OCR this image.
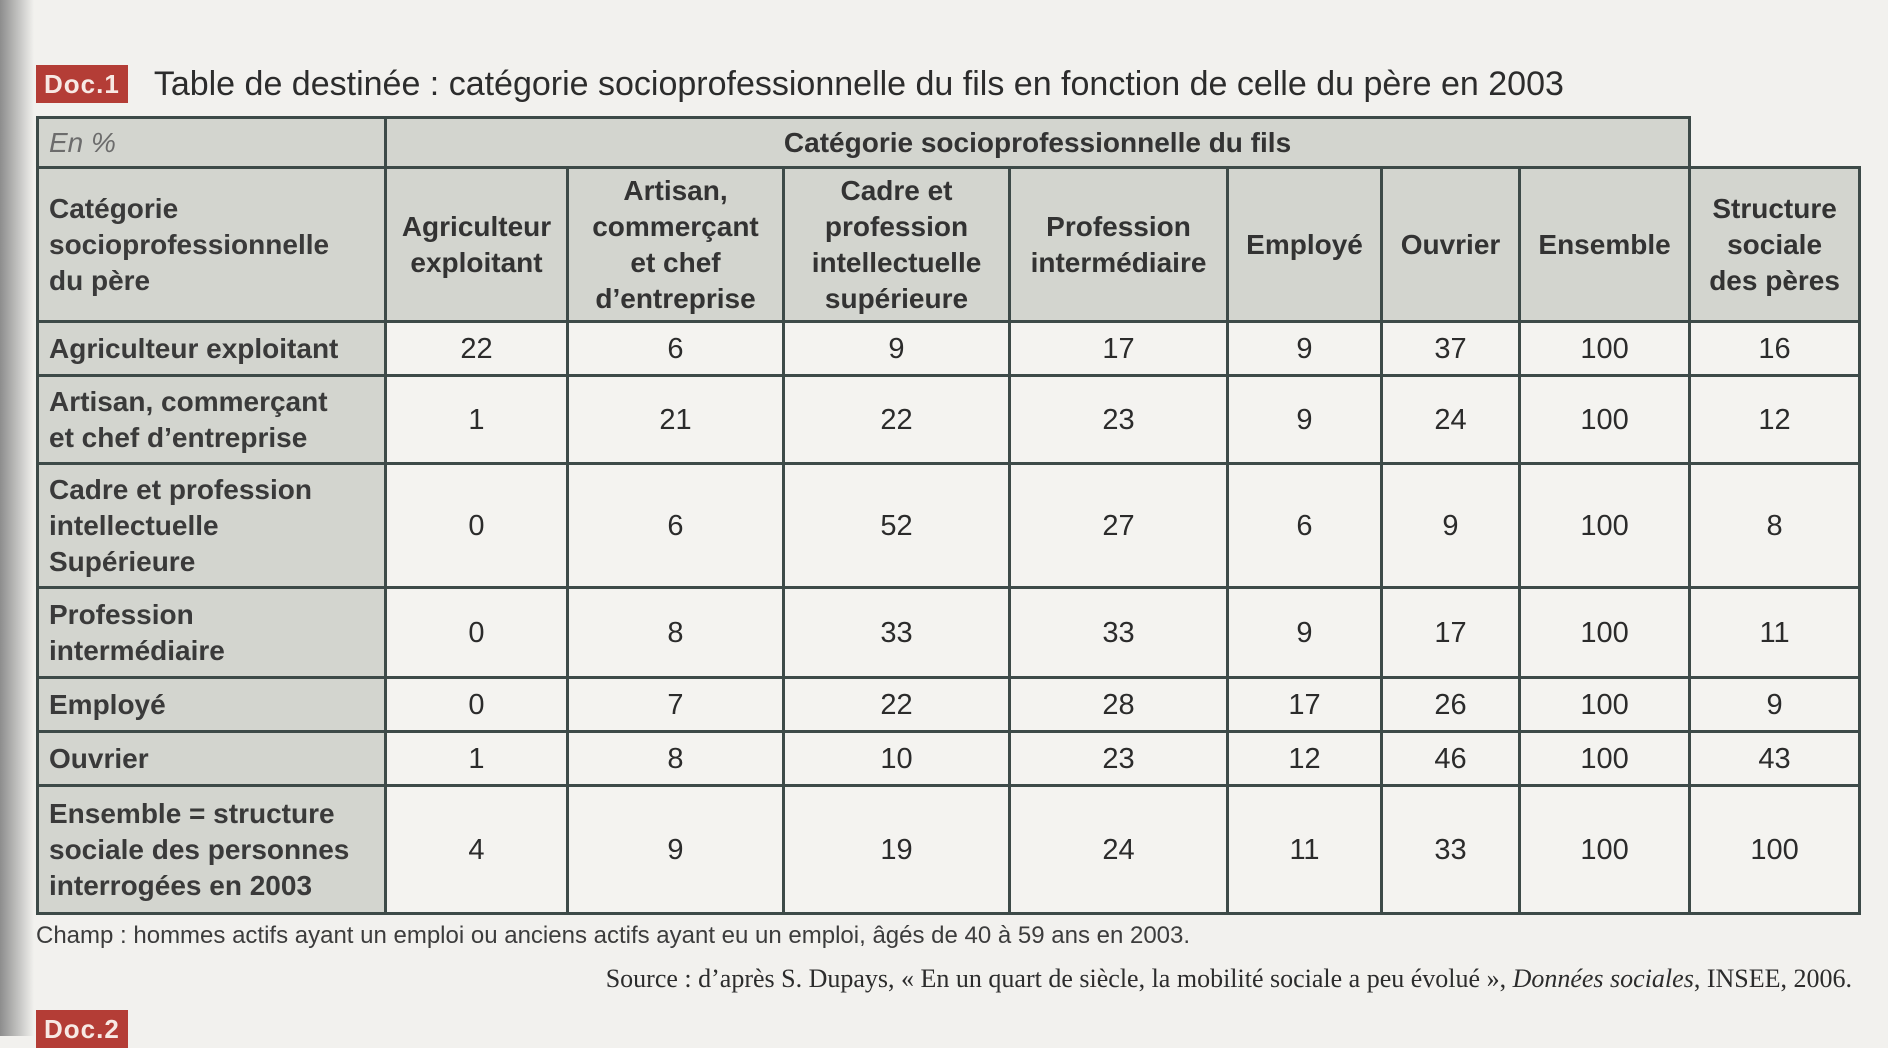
Doc.1 Table de destinée : catégorie socioprofessionnelle du fils en fonction de celle du père en 2003
En %	Catégorie socioprofessionnelle du fils							
Catégorie
socioprofessionnelle
du père	Agriculteur
exploitant	Artisan,
commerçant
et chef
d’entreprise	Cadre et
profession
intellectuelle
supérieure	Profession
intermédiaire	Employé	Ouvrier	Ensemble	Structure
sociale
des pères
Agriculteur exploitant	22	6	9	17	9	37	100	16
Artisan, commerçant
et chef d’entreprise	1	21	22	23	9	24	100	12
Cadre et profession
intellectuelle
Supérieure	0	6	52	27	6	9	100	8
Profession
intermédiaire	0	8	33	33	9	17	100	11
Employé	0	7	22	28	17	26	100	9
Ouvrier	1	8	10	23	12	46	100	43
Ensemble = structure
sociale des personnes
interrogées en 2003	4	9	19	24	11	33	100	100
Champ : hommes actifs ayant un emploi ou anciens actifs ayant eu un emploi, âgés de 40 à 59 ans en 2003.
Source : d’après S. Dupays, « En un quart de siècle, la mobilité sociale a peu évolué », Données sociales, INSEE, 2006.
Doc.2
